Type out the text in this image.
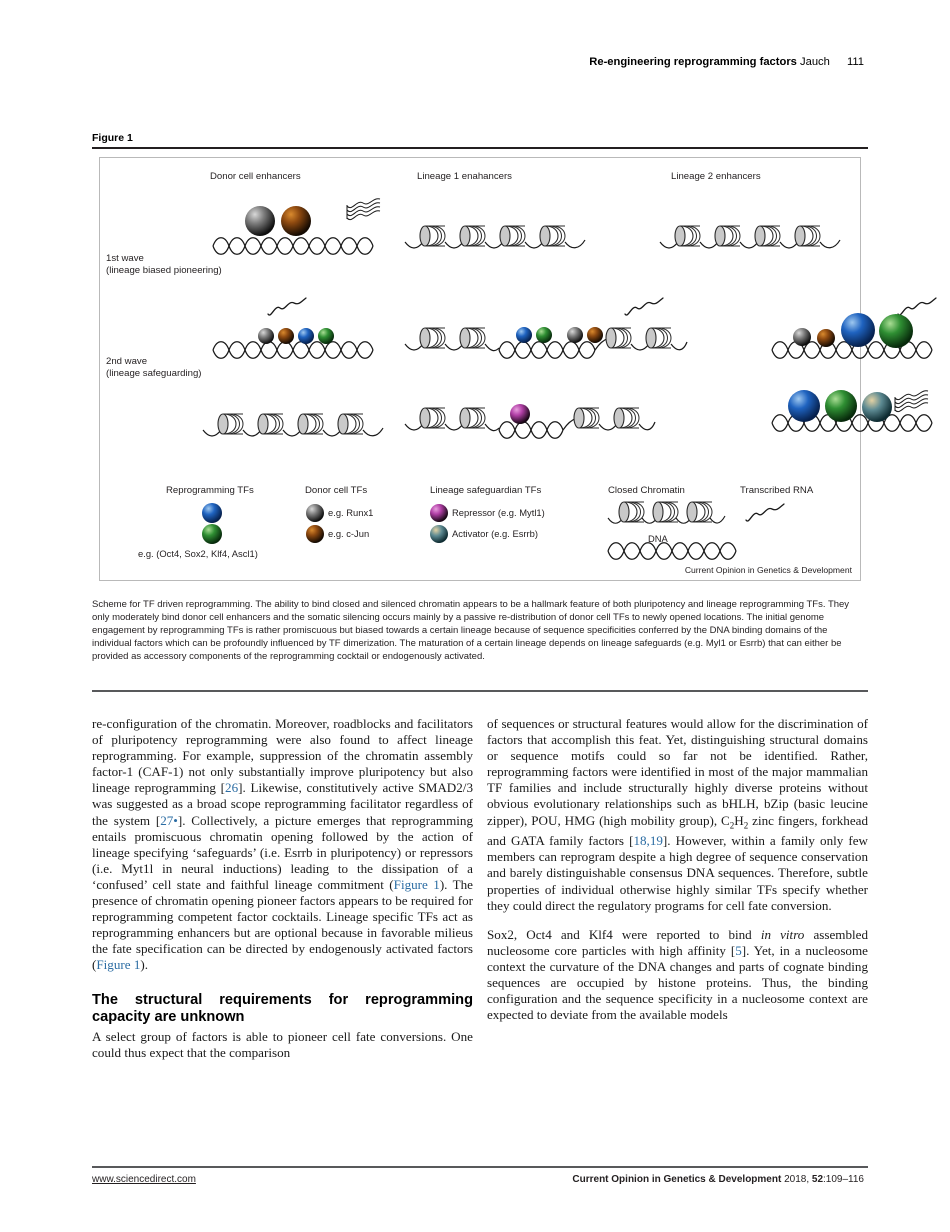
Re-engineering reprogramming factors Jauch 111
Figure 1
Donor cell enhancers	Lineage 1 enahancers	Lineage 2 enhancers
1st wave
(lineage biased pioneering)
2nd wave
(lineage safeguarding)
Reprogramming TFs
e.g. (Oct4, Sox2, Klf4, Ascl1)
Donor cell TFs
e.g. Runx1
e.g. c-Jun
Lineage safeguardian TFs
Repressor (e.g. Mytl1)
Activator (e.g. Esrrb)
Closed Chromatin
DNA
Transcribed RNA
Current Opinion in Genetics & Development
Scheme for TF driven reprogramming. The ability to bind closed and silenced chromatin appears to be a hallmark feature of both pluripotency and lineage reprogramming TFs. They only moderately bind donor cell enhancers and the somatic silencing occurs mainly by a passive re-distribution of donor cell TFs to newly opened locations. The initial genome engagement by reprogramming TFs is rather promiscuous but biased towards a certain lineage because of sequence specificities conferred by the DNA binding domains of the individual factors which can be profoundly influenced by TF dimerization. The maturation of a certain lineage depends on lineage safeguards (e.g. Myl1 or Esrrb) that can either be provided as accessory components of the reprogramming cocktail or endogenously activated.

re-configuration of the chromatin. Moreover, roadblocks and facilitators of pluripotency reprogramming were also found to affect lineage reprogramming. For example, suppression of the chromatin assembly factor-1 (CAF-1) not only substantially improve pluripotency but also lineage reprogramming [26]. Likewise, constitutively active SMAD2/3 was suggested as a broad scope reprogramming facilitator regardless of the system [27•]. Collectively, a picture emerges that reprogramming entails promiscuous chromatin opening followed by the action of lineage specifying ‘safeguards’ (i.e. Esrrb in pluripotency) or repressors (i.e. Myt1l in neural inductions) leading to the dissipation of a ‘confused’ cell state and faithful lineage commitment (Figure 1). The presence of chromatin opening pioneer factors appears to be required for reprogramming competent factor cocktails. Lineage specific TFs act as reprogramming enhancers but are optional because in favorable milieus the fate specification can be directed by endogenously activated factors (Figure 1).

The structural requirements for reprogramming capacity are unknown

A select group of factors is able to pioneer cell fate conversions. One could thus expect that the comparison

of sequences or structural features would allow for the discrimination of factors that accomplish this feat. Yet, distinguishing structural domains or sequence motifs could so far not be identified. Rather, reprogramming factors were identified in most of the major mammalian TF families and include structurally highly diverse proteins without obvious evolutionary relationships such as bHLH, bZip (basic leucine zipper), POU, HMG (high mobility group), $C_2H_2$ zinc fingers, forkhead and GATA family factors [18,19]. However, within a family only few members can reprogram despite a high degree of sequence conservation and barely distinguishable consensus DNA sequences. Therefore, subtle properties of individual otherwise highly similar TFs specify whether they could direct the regulatory programs for cell fate conversion.

Sox2, Oct4 and Klf4 were reported to bind in vitro assembled nucleosome core particles with high affinity [5]. Yet, in a nucleosome context the curvature of the DNA changes and parts of cognate binding sequences are occupied by histone proteins. Thus, the binding configuration and the sequence specificity in a nucleosome context are expected to deviate from the available models

www.sciencedirect.com	Current Opinion in Genetics & Development 2018, 52:109–116
